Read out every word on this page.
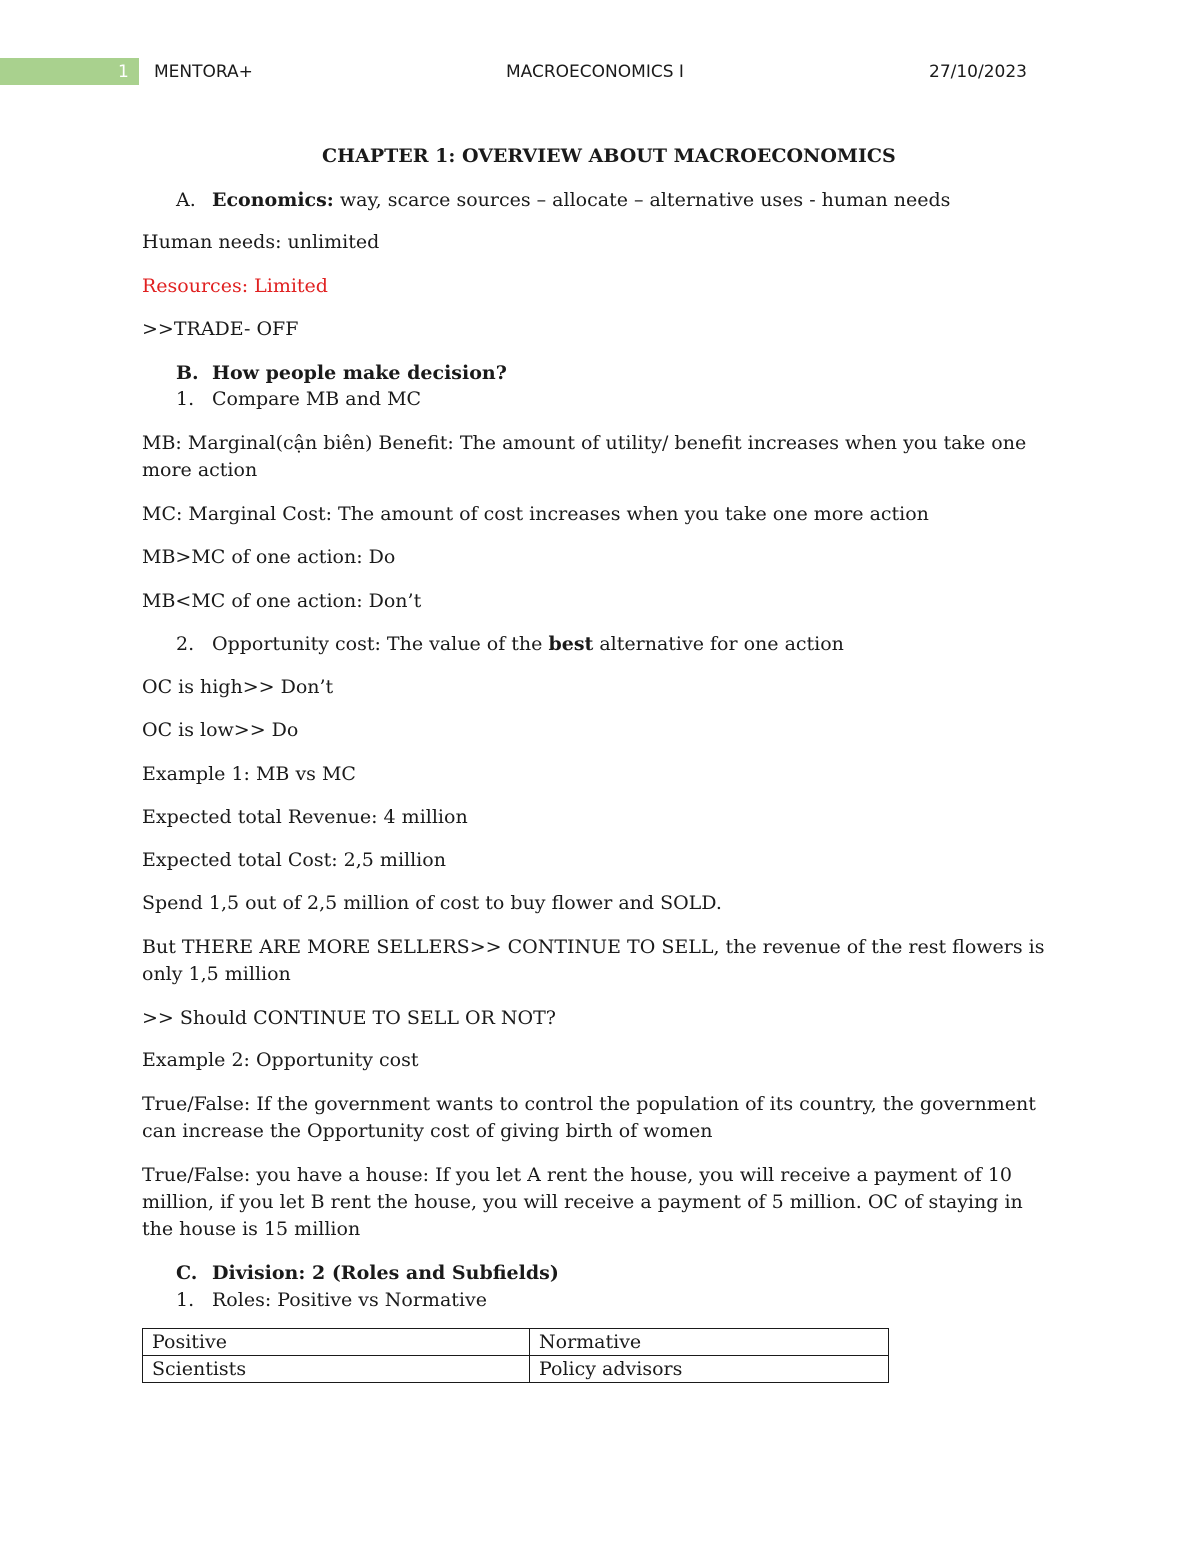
1 MENTORA+	MACROECONOMICS I	27/10/2023
CHAPTER 1: OVERVIEW ABOUT MACROECONOMICS
A. Economics: way, scarce sources – allocate – alternative uses - human needs
Human needs: unlimited
Resources: Limited
>>TRADE- OFF
B. How people make decision?
1. Compare MB and MC
MB: Marginal(cận biên) Benefit: The amount of utility/ benefit increases when you take one more action
MC: Marginal Cost: The amount of cost increases when you take one more action
MB>MC of one action: Do
MB<MC of one action: Don’t
2. Opportunity cost: The value of the best alternative for one action
OC is high>> Don’t
OC is low>> Do
Example 1: MB vs MC
Expected total Revenue: 4 million
Expected total Cost: 2,5 million
Spend 1,5 out of 2,5 million of cost to buy flower and SOLD.
But THERE ARE MORE SELLERS>> CONTINUE TO SELL, the revenue of the rest flowers is only 1,5 million
>> Should CONTINUE TO SELL OR NOT?
Example 2: Opportunity cost
True/False: If the government wants to control the population of its country, the government can increase the Opportunity cost of giving birth of women
True/False: you have a house: If you let A rent the house, you will receive a payment of 10 million, if you let B rent the house, you will receive a payment of 5 million. OC of staying in the house is 15 million
C. Division: 2 (Roles and Subfields)
1. Roles: Positive vs Normative
Positive	Normative
Scientists	Policy advisors
